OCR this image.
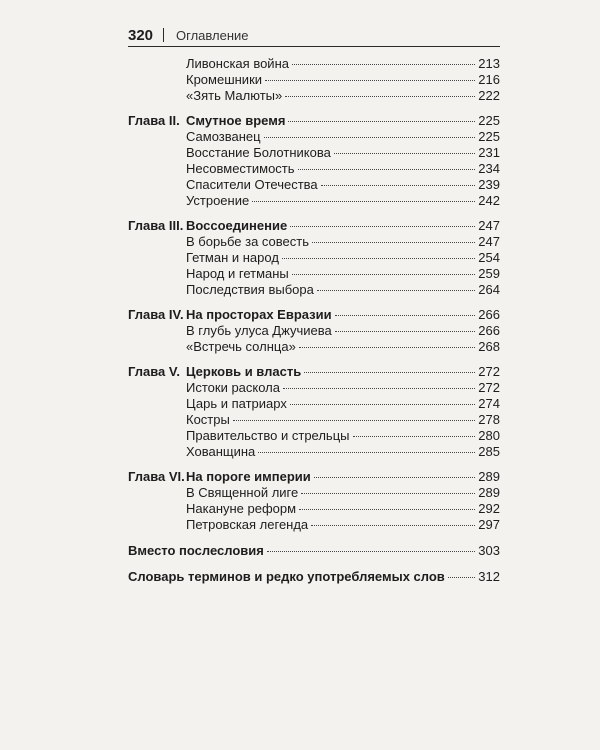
320 Оглавление
Ливонская война	213
Кромешники	216
«Зять Малюты»	222
Глава II. Смутное время	225
Самозванец	225
Восстание Болотникова	231
Несовместимость	234
Спасители Отечества	239
Устроение	242
Глава III. Воссоединение	247
В борьбе за совесть	247
Гетман и народ	254
Народ и гетманы	259
Последствия выбора	264
Глава IV. На просторах Евразии	266
В глубь улуса Джучиева	266
«Встречь солнца»	268
Глава V. Церковь и власть	272
Истоки раскола	272
Царь и патриарх	274
Костры	278
Правительство и стрельцы	280
Хованщина	285
Глава VI. На пороге империи	289
В Священной лиге	289
Накануне реформ	292
Петровская легенда	297
Вместо послесловия	303
Словарь терминов и редко употребляемых слов	312
